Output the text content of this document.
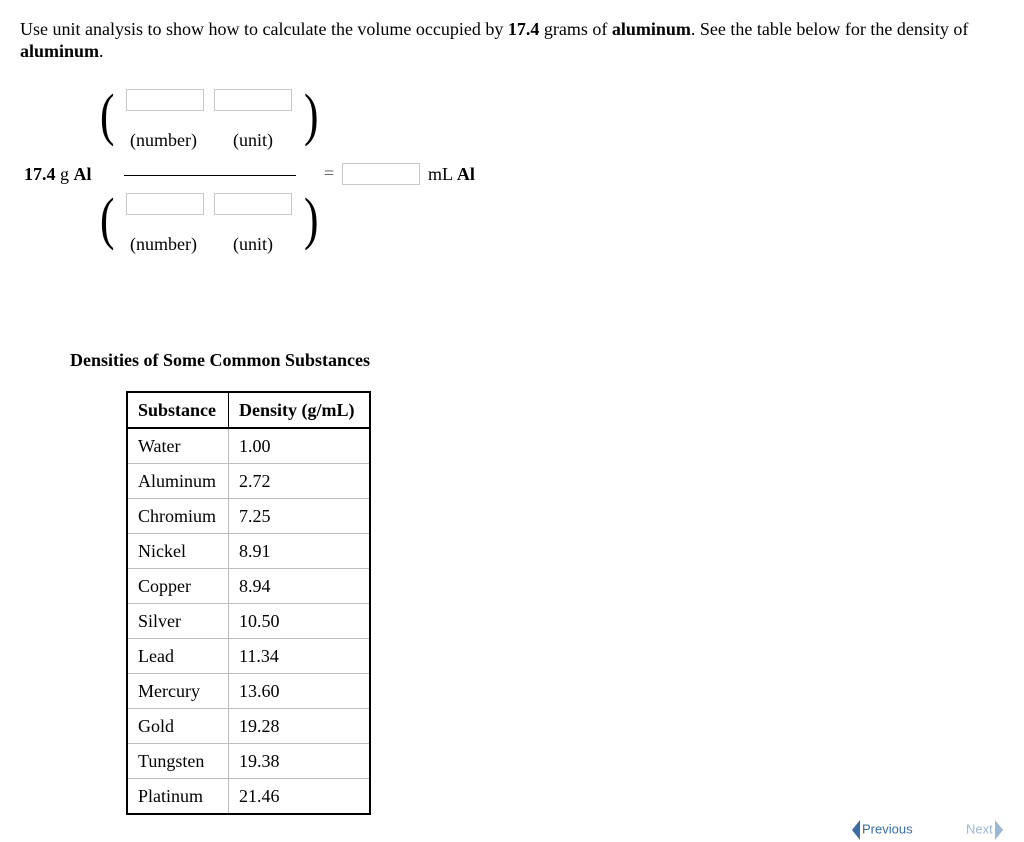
Use unit analysis to show how to calculate the volume occupied by 17.4 grams of aluminum. See the table below for the density of aluminum.
17.4 g Al
(	)
(number) (unit)
(	)
(number) (unit)
=	mL Al
Densities of Some Common Substances
Substance	Density (g/mL)
Water	1.00
Aluminum	2.72
Chromium	7.25
Nickel	8.91
Copper	8.94
Silver	10.50
Lead	11.34
Mercury	13.60
Gold	19.28
Tungsten	19.38
Platinum	21.46
Previous	Next
